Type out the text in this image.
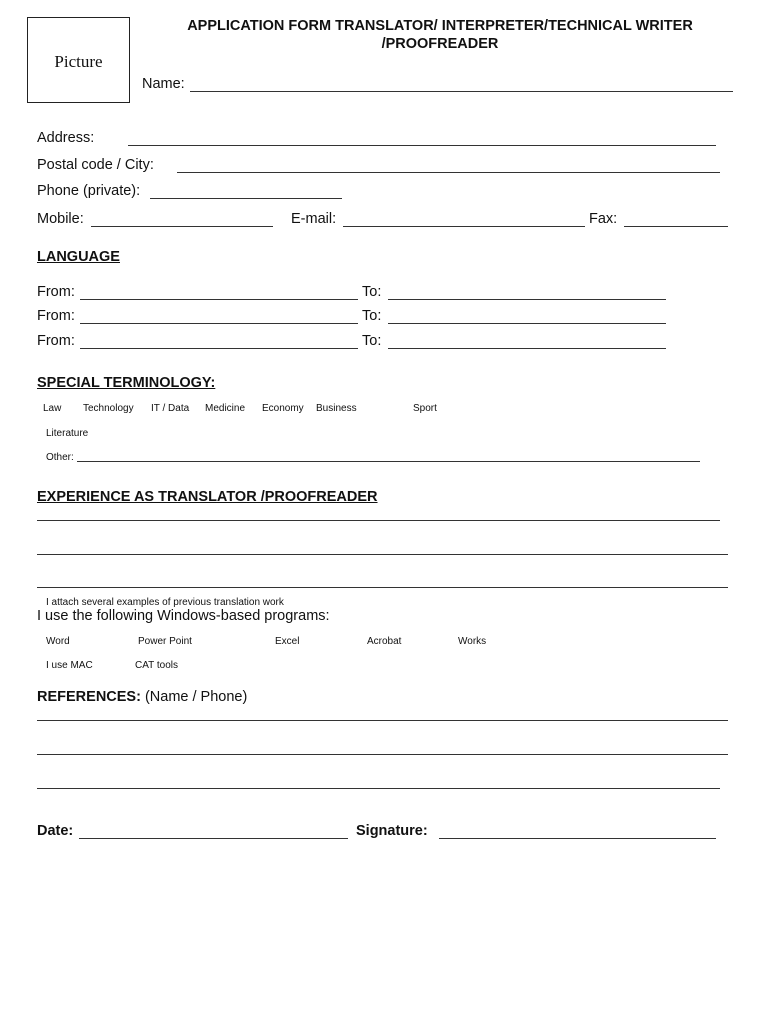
Picture
APPLICATION FORM TRANSLATOR/ INTERPRETER/TECHNICAL WRITER
/PROOFREADER
Name:
Address:
Postal code / City:
Phone (private):
Mobile:	E-mail:	Fax:
LANGUAGE
From:	To:
From:	To:
From:	To:
SPECIAL TERMINOLOGY:
Law Technology IT / Data Medicine Economy Business	Sport
Literature
Other:
EXPERIENCE AS TRANSLATOR /PROOFREADER
I attach several examples of previous translation work
I use the following Windows-based programs:
Word	Power Point	Excel	Acrobat	Works
I use MAC	CAT tools
REFERENCES: (Name / Phone)
Date:	Signature:
